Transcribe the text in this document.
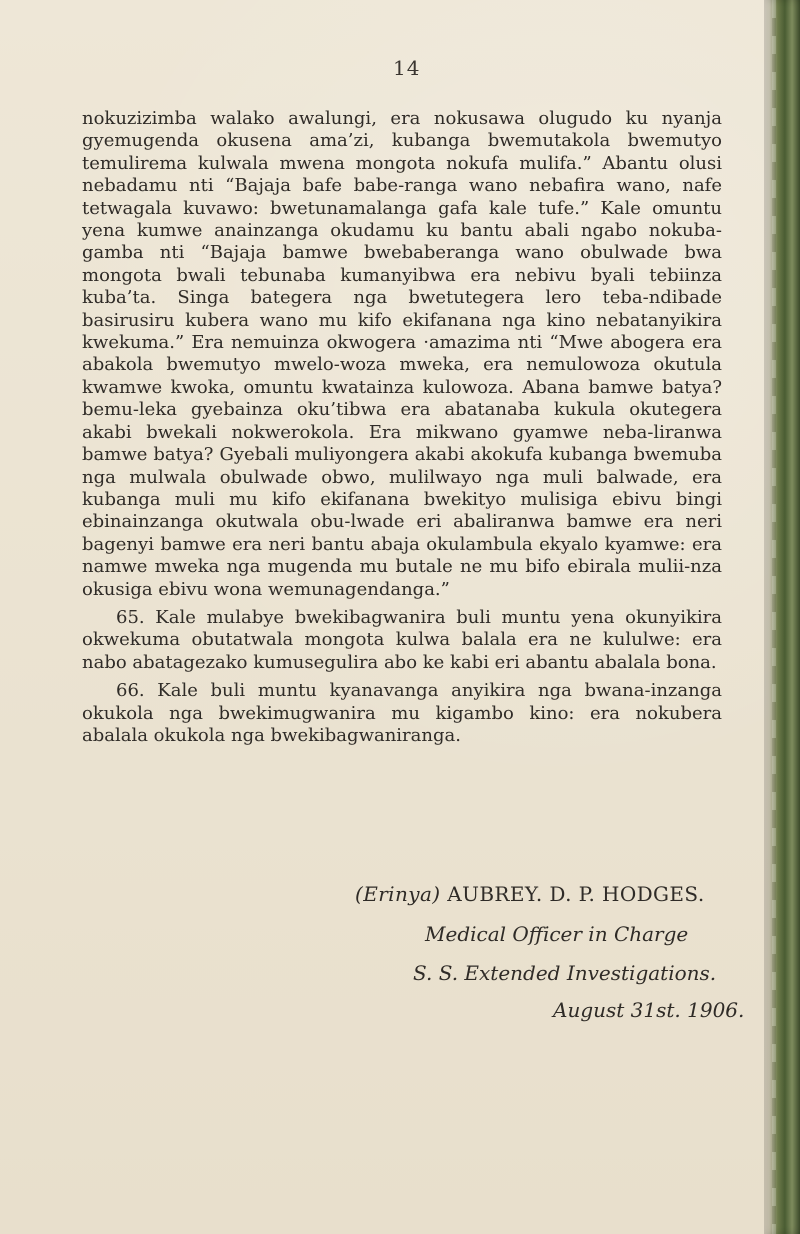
14

nokuzizimba walako awalungi, era nokusawa olugudo ku nyanja gyemugenda okusena ama’zi, kubanga bwemutakola bwemutyo temulirema kulwala mwena mongota nokufa mulifa.” Abantu olusi nebadamu nti “Bajaja bafe babe-ranga wano nebafira wano, nafe tetwagala kuvawo: bwetunamalanga gafa kale tufe.” Kale omuntu yena kumwe anainzanga okudamu ku bantu abali ngabo nokuba-gamba nti “Bajaja bamwe bwebaberanga wano obulwade bwa mongota bwali tebunaba kumanyibwa era nebivu byali tebiinza kuba’ta. Singa bategera nga bwetutegera lero teba-ndibade basirusiru kubera wano mu kifo ekifanana nga kino nebatanyikira kwekuma.” Era nemuinza okwogera ·amazima nti “Mwe abogera era abakola bwemutyo mwelo-woza mweka, era nemulowoza okutula kwamwe kwoka, omuntu kwatainza kulowoza. Abana bamwe batya? bemu-leka gyebainza oku’tibwa era abatanaba kukula okutegera akabi bwekali nokwerokola. Era mikwano gyamwe neba-liranwa bamwe batya? Gyebali muliyongera akabi akokufa kubanga bwemuba nga mulwala obulwade obwo, mulilwayo nga muli balwade, era kubanga muli mu kifo ekifanana bwekityo mulisiga ebivu bingi ebinainzanga okutwala obu-lwade eri abaliranwa bamwe era neri bagenyi bamwe era neri bantu abaja okulambula ekyalo kyamwe: era namwe mweka nga mugenda mu butale ne mu bifo ebirala mulii-nza okusiga ebivu wona wemunagendanga.”

65. Kale mulabye bwekibagwanira buli muntu yena okunyikira okwekuma obutatwala mongota kulwa balala era ne kululwe: era nabo abatagezako kumusegulira abo ke kabi eri abantu abalala bona.

66. Kale buli muntu kyanavanga anyikira nga bwana-inzanga okukola nga bwekimugwanira mu kigambo kino: era nokubera abalala okukola nga bwekibagwaniranga.

(Erinya) AUBREY. D. P. HODGES.
Medical Officer in Charge
S. S. Extended Investigations.
August 31st. 1906.
